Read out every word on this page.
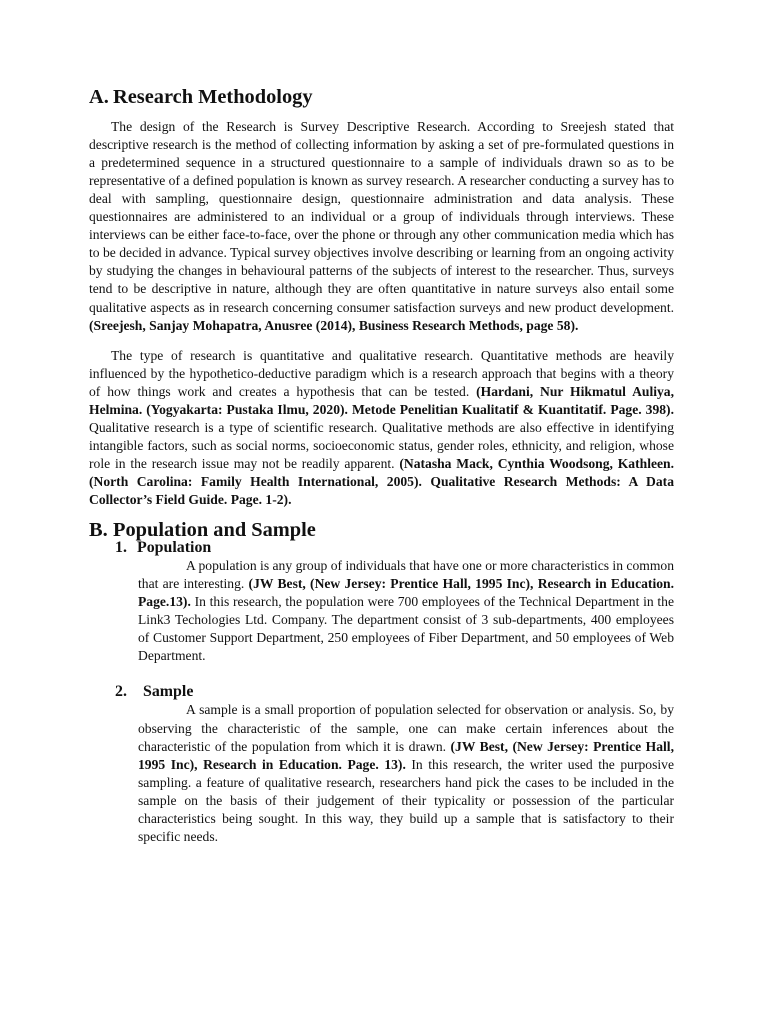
A. Research Methodology

The design of the Research is Survey Descriptive Research. According to Sreejesh stated that descriptive research is the method of collecting information by asking a set of pre-formulated questions in a predetermined sequence in a structured questionnaire to a sample of individuals drawn so as to be representative of a defined population is known as survey research. A researcher conducting a survey has to deal with sampling, questionnaire design, questionnaire administration and data analysis. These questionnaires are administered to an individual or a group of individuals through interviews. These interviews can be either face-to-face, over the phone or through any other communication media which has to be decided in advance. Typical survey objectives involve describing or learning from an ongoing activity by studying the changes in behavioural patterns of the subjects of interest to the researcher. Thus, surveys tend to be descriptive in nature, although they are often quantitative in nature surveys also entail some qualitative aspects as in research concerning consumer satisfaction surveys and new product development. (Sreejesh, Sanjay Mohapatra, Anusree (2014), Business Research Methods, page 58).

The type of research is quantitative and qualitative research. Quantitative methods are heavily influenced by the hypothetico-deductive paradigm which is a research approach that begins with a theory of how things work and creates a hypothesis that can be tested. (Hardani, Nur Hikmatul Auliya, Helmina. (Yogyakarta: Pustaka Ilmu, 2020). Metode Penelitian Kualitatif & Kuantitatif. Page. 398). Qualitative research is a type of scientific research. Qualitative methods are also effective in identifying intangible factors, such as social norms, socioeconomic status, gender roles, ethnicity, and religion, whose role in the research issue may not be readily apparent. (Natasha Mack, Cynthia Woodsong, Kathleen. (North Carolina: Family Health International, 2005). Qualitative Research Methods: A Data Collector’s Field Guide. Page. 1-2).

B. Population and Sample
1. Population

A population is any group of individuals that have one or more characteristics in common that are interesting. (JW Best, (New Jersey: Prentice Hall, 1995 Inc), Research in Education. Page.13). In this research, the population were 700 employees of the Technical Department in the Link3 Techologies Ltd. Company. The department consist of 3 sub-departments, 400 employees of Customer Support Department, 250 employees of Fiber Department, and 50 employees of Web Department.

2. Sample

A sample is a small proportion of population selected for observation or analysis. So, by observing the characteristic of the sample, one can make certain inferences about the characteristic of the population from which it is drawn. (JW Best, (New Jersey: Prentice Hall, 1995 Inc), Research in Education. Page. 13). In this research, the writer used the purposive sampling. a feature of qualitative research, researchers hand pick the cases to be included in the sample on the basis of their judgement of their typicality or possession of the particular characteristics being sought. In this way, they build up a sample that is satisfactory to their specific needs.
